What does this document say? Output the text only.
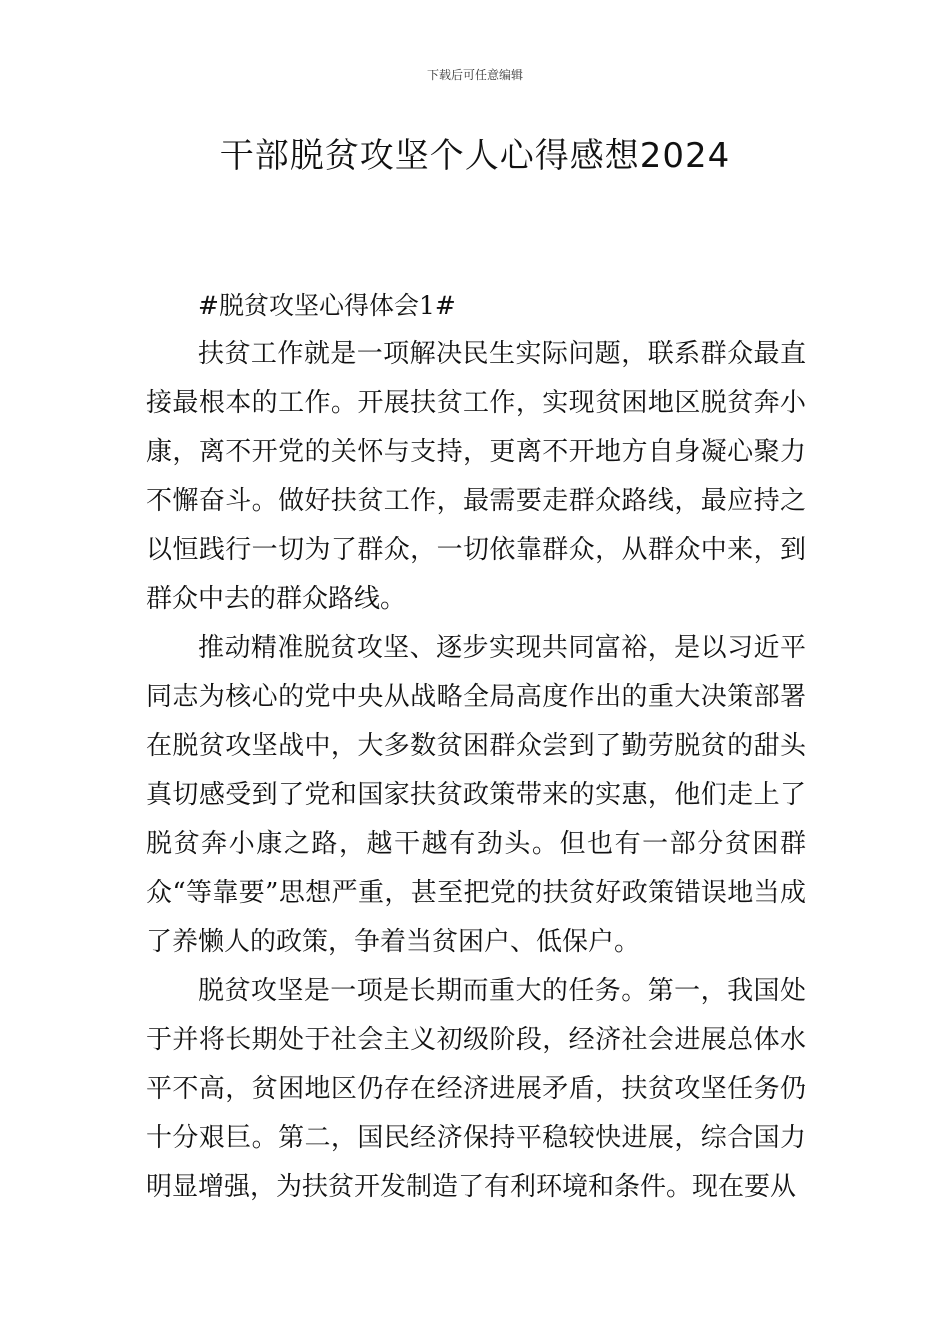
下载后可任意编辑
干部脱贫攻坚个人心得感想2024

#脱贫攻坚心得体会1#

扶贫工作就是一项解决民生实际问题，联系群众最直接最根本的工作。开展扶贫工作，实现贫困地区脱贫奔小康，离不开党的关怀与支持，更离不开地方自身凝心聚力不懈奋斗。做好扶贫工作，最需要走群众路线，最应持之以恒践行一切为了群众，一切依靠群众，从群众中来，到群众中去的群众路线。

推动精准脱贫攻坚、逐步实现共同富裕，是以习近平同志为核心的党中央从战略全局高度作出的重大决策部署在脱贫攻坚战中，大多数贫困群众尝到了勤劳脱贫的甜头真切感受到了党和国家扶贫政策带来的实惠，他们走上了脱贫奔小康之路，越干越有劲头。但也有一部分贫困群众“等靠要”思想严重，甚至把党的扶贫好政策错误地当成了养懒人的政策，争着当贫困户、低保户。

脱贫攻坚是一项是长期而重大的任务。第一，我国处于并将长期处于社会主义初级阶段，经济社会进展总体水平不高，贫困地区仍存在经济进展矛盾，扶贫攻坚任务仍十分艰巨。第二，国民经济保持平稳较快进展，综合国力明显增强，为扶贫开发制造了有利环境和条件。现在要从
